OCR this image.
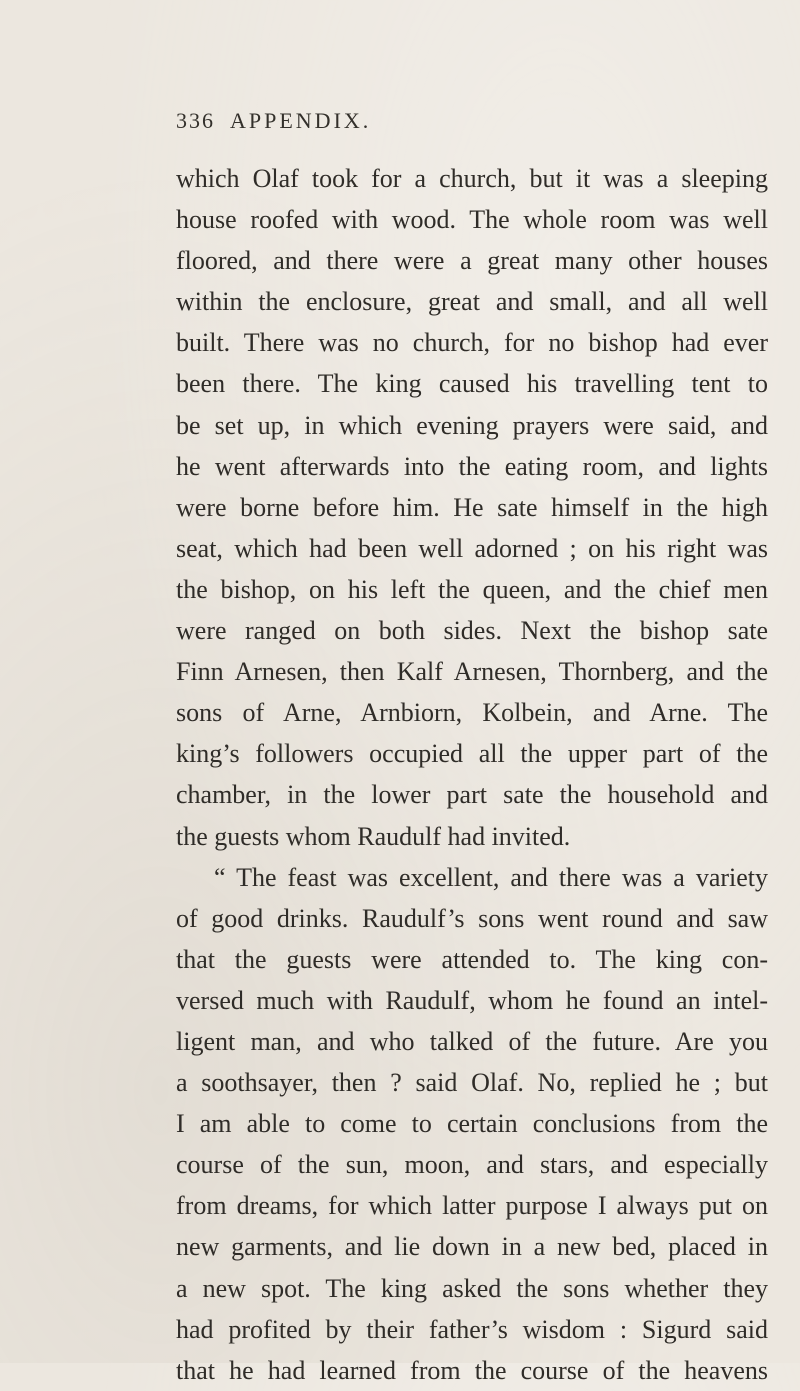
336 APPENDIX.
which Olaf took for a church, but it was a sleeping
house roofed with wood. The whole room was well
floored, and there were a great many other houses
within the enclosure, great and small, and all well
built. There was no church, for no bishop had ever
been there. The king caused his travelling tent to
be set up, in which evening prayers were said, and
he went afterwards into the eating room, and lights
were borne before him. He sate himself in the high
seat, which had been well adorned ; on his right was
the bishop, on his left the queen, and the chief men
were ranged on both sides. Next the bishop sate
Finn Arnesen, then Kalf Arnesen, Thornberg, and the
sons of Arne, Arnbiorn, Kolbein, and Arne. The
king’s followers occupied all the upper part of the
chamber, in the lower part sate the household and
the guests whom Raudulf had invited.
“ The feast was excellent, and there was a variety
of good drinks. Raudulf’s sons went round and saw
that the guests were attended to. The king con-
versed much with Raudulf, whom he found an intel-
ligent man, and who talked of the future. Are you
a soothsayer, then ? said Olaf. No, replied he ; but
I am able to come to certain conclusions from the
course of the sun, moon, and stars, and especially
from dreams, for which latter purpose I always put on
new garments, and lie down in a new bed, placed in
a new spot. The king asked the sons whether they
had profited by their father’s wisdom : Sigurd said
that he had learned from the course of the heavens
